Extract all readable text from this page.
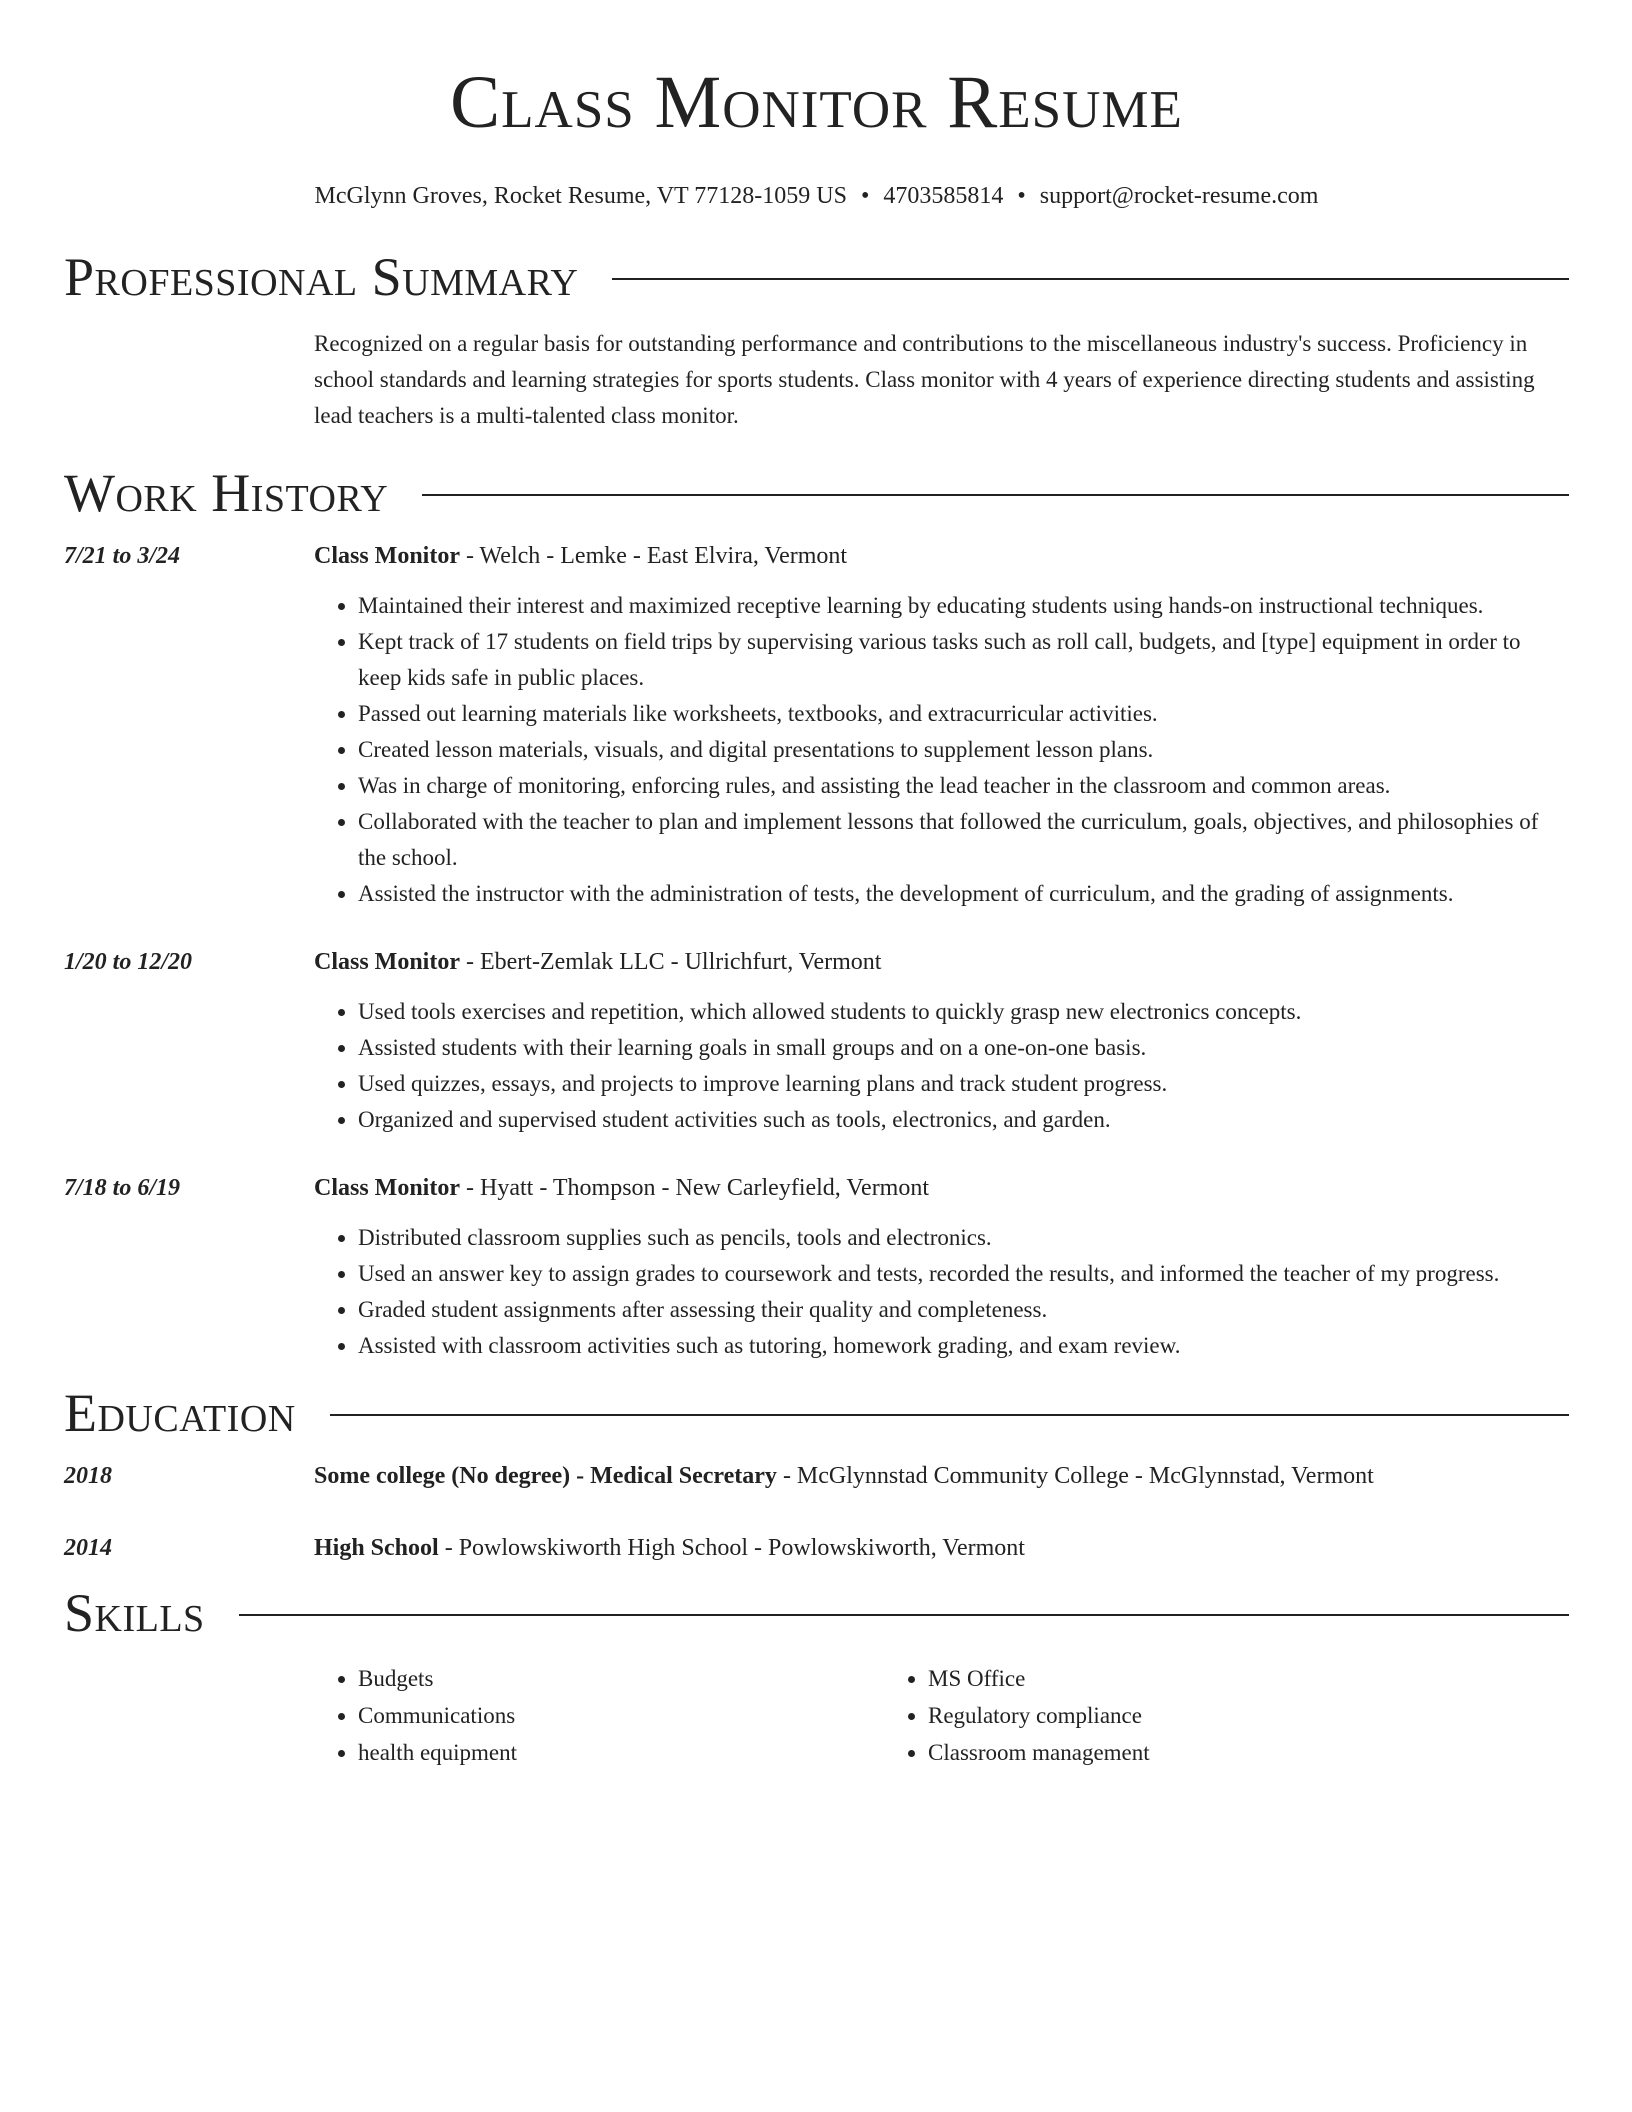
Class Monitor Resume
McGlynn Groves, Rocket Resume, VT 77128-1059 US • 4703585814 • support@rocket-resume.com
Professional Summary

Recognized on a regular basis for outstanding performance and contributions to the miscellaneous industry's success. Proficiency in school standards and learning strategies for sports students. Class monitor with 4 years of experience directing students and assisting lead teachers is a multi-talented class monitor.

Work History
7/21 to 3/24	Class Monitor - Welch - Lemke - East Elvira, Vermont
• Maintained their interest and maximized receptive learning by educating students using hands-on instructional techniques.
• Kept track of 17 students on field trips by supervising various tasks such as roll call, budgets, and [type] equipment in order to keep kids safe in public places.
• Passed out learning materials like worksheets, textbooks, and extracurricular activities.
• Created lesson materials, visuals, and digital presentations to supplement lesson plans.
• Was in charge of monitoring, enforcing rules, and assisting the lead teacher in the classroom and common areas.
• Collaborated with the teacher to plan and implement lessons that followed the curriculum, goals, objectives, and philosophies of the school.
• Assisted the instructor with the administration of tests, the development of curriculum, and the grading of assignments.
1/20 to 12/20	Class Monitor - Ebert-Zemlak LLC - Ullrichfurt, Vermont
• Used tools exercises and repetition, which allowed students to quickly grasp new electronics concepts.
• Assisted students with their learning goals in small groups and on a one-on-one basis.
• Used quizzes, essays, and projects to improve learning plans and track student progress.
• Organized and supervised student activities such as tools, electronics, and garden.
7/18 to 6/19	Class Monitor - Hyatt - Thompson - New Carleyfield, Vermont
• Distributed classroom supplies such as pencils, tools and electronics.
• Used an answer key to assign grades to coursework and tests, recorded the results, and informed the teacher of my progress.
• Graded student assignments after assessing their quality and completeness.
• Assisted with classroom activities such as tutoring, homework grading, and exam review.
Education
2018	Some college (No degree) - Medical Secretary - McGlynnstad Community College - McGlynnstad, Vermont
2014	High School - Powlowskiworth High School - Powlowskiworth, Vermont
Skills
• Budgets
• Communications
• health equipment
• MS Office
• Regulatory compliance
• Classroom management
